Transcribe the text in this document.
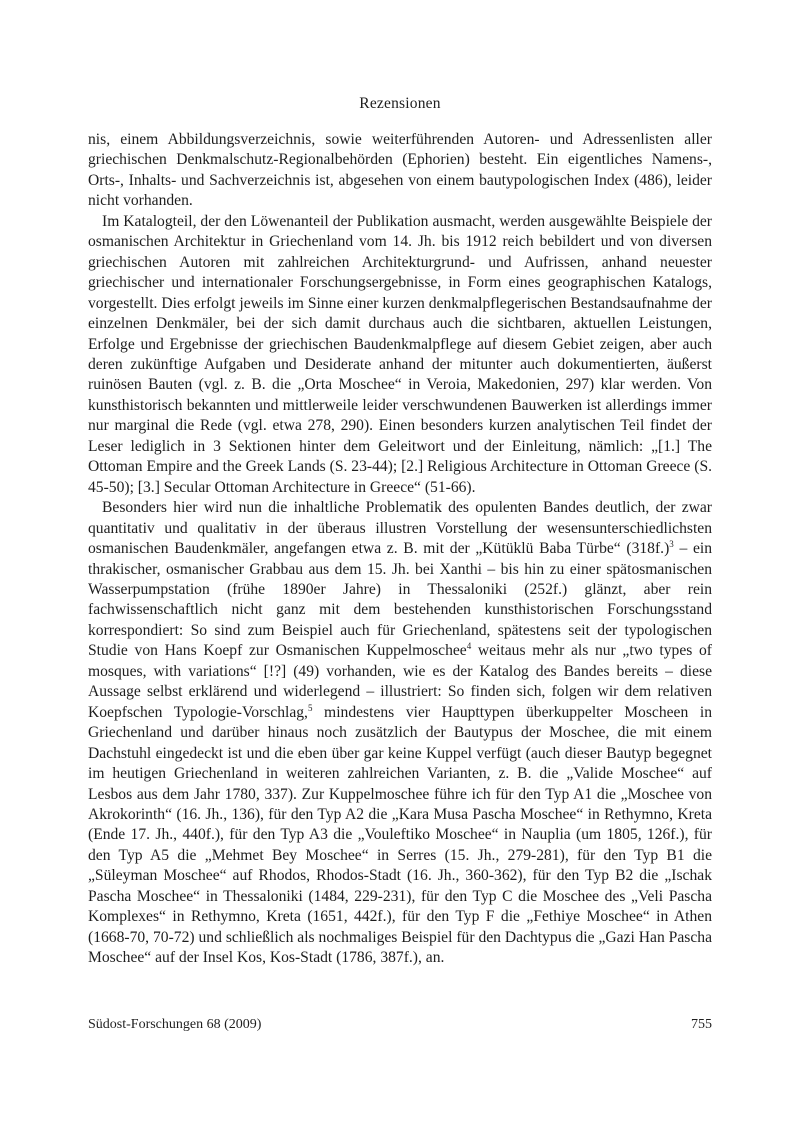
Rezensionen

nis, einem Abbildungsverzeichnis, sowie weiterführenden Autoren- und Adressenlisten aller griechischen Denkmalschutz-Regionalbehörden (Ephorien) besteht. Ein eigentliches Namens-, Orts-, Inhalts- und Sachverzeichnis ist, abgesehen von einem bautypologischen Index (486), leider nicht vorhanden.

Im Katalogteil, der den Löwenanteil der Publikation ausmacht, werden ausgewählte Beispiele der osmanischen Architektur in Griechenland vom 14. Jh. bis 1912 reich bebildert und von diversen griechischen Autoren mit zahlreichen Architekturgrund- und Aufrissen, anhand neuester griechischer und internationaler Forschungsergebnisse, in Form eines geographischen Katalogs, vorgestellt. Dies erfolgt jeweils im Sinne einer kurzen denkmalpflegerischen Bestandsaufnahme der einzelnen Denkmäler, bei der sich damit durchaus auch die sichtbaren, aktuellen Leistungen, Erfolge und Ergebnisse der griechischen Baudenkmalpflege auf diesem Gebiet zeigen, aber auch deren zukünftige Aufgaben und Desiderate anhand der mitunter auch dokumentierten, äußerst ruinösen Bauten (vgl. z. B. die „Orta Moschee“ in Veroia, Makedonien, 297) klar werden. Von kunsthistorisch bekannten und mittlerweile leider verschwundenen Bauwerken ist allerdings immer nur marginal die Rede (vgl. etwa 278, 290). Einen besonders kurzen analytischen Teil findet der Leser lediglich in 3 Sektionen hinter dem Geleitwort und der Einleitung, nämlich: „[1.] The Ottoman Empire and the Greek Lands (S. 23-44); [2.] Religious Architecture in Ottoman Greece (S. 45-50); [3.] Secular Ottoman Architecture in Greece“ (51-66).

Besonders hier wird nun die inhaltliche Problematik des opulenten Bandes deutlich, der zwar quantitativ und qualitativ in der überaus illustren Vorstellung der wesensunterschiedlichsten osmanischen Baudenkmäler, angefangen etwa z. B. mit der „Kütüklü Baba Türbe“ $(318f.)^3$ – ein thrakischer, osmanischer Grabbau aus dem 15. Jh. bei Xanthi – bis hin zu einer spätosmanischen Wasserpumpstation (frühe 1890er Jahre) in Thessaloniki (252f.) glänzt, aber rein fachwissenschaftlich nicht ganz mit dem bestehenden kunsthistorischen Forschungsstand korrespondiert: So sind zum Beispiel auch für Griechenland, spätestens seit der typologischen Studie von Hans Koepf zur Osmanischen Kuppelmoschee$^4$ weitaus mehr als nur „two types of mosques, with variations“ [!?] (49) vorhanden, wie es der Katalog des Bandes bereits – diese Aussage selbst erklärend und widerlegend – illustriert: So finden sich, folgen wir dem relativen Koepfschen Typologie-Vorschlag,$^5$ mindestens vier Haupttypen überkuppelter Moscheen in Griechenland und darüber hinaus noch zusätzlich der Bautypus der Moschee, die mit einem Dachstuhl eingedeckt ist und die eben über gar keine Kuppel verfügt (auch dieser Bautyp begegnet im heutigen Griechenland in weiteren zahlreichen Varianten, z. B. die „Valide Moschee“ auf Lesbos aus dem Jahr 1780, 337). Zur Kuppelmoschee führe ich für den Typ A1 die „Moschee von Akrokorinth“ (16. Jh., 136), für den Typ A2 die „Kara Musa Pascha Moschee“ in Rethymno, Kreta (Ende 17. Jh., 440f.), für den Typ A3 die „Vouleftiko Moschee“ in Nauplia (um 1805, 126f.), für den Typ A5 die „Mehmet Bey Moschee“ in Serres (15. Jh., 279-281), für den Typ B1 die „Süleyman Moschee“ auf Rhodos, Rhodos-Stadt (16. Jh., 360-362), für den Typ B2 die „Ischak Pascha Moschee“ in Thessaloniki (1484, 229-231), für den Typ C die Moschee des „Veli Pascha Komplexes“ in Rethymno, Kreta (1651, 442f.), für den Typ F die „Fethiye Moschee“ in Athen (1668-70, 70-72) und schließlich als nochmaliges Beispiel für den Dachtypus die „Gazi Han Pascha Moschee“ auf der Insel Kos, Kos-Stadt (1786, 387f.), an.

Südost-Forschungen 68 (2009)	755
